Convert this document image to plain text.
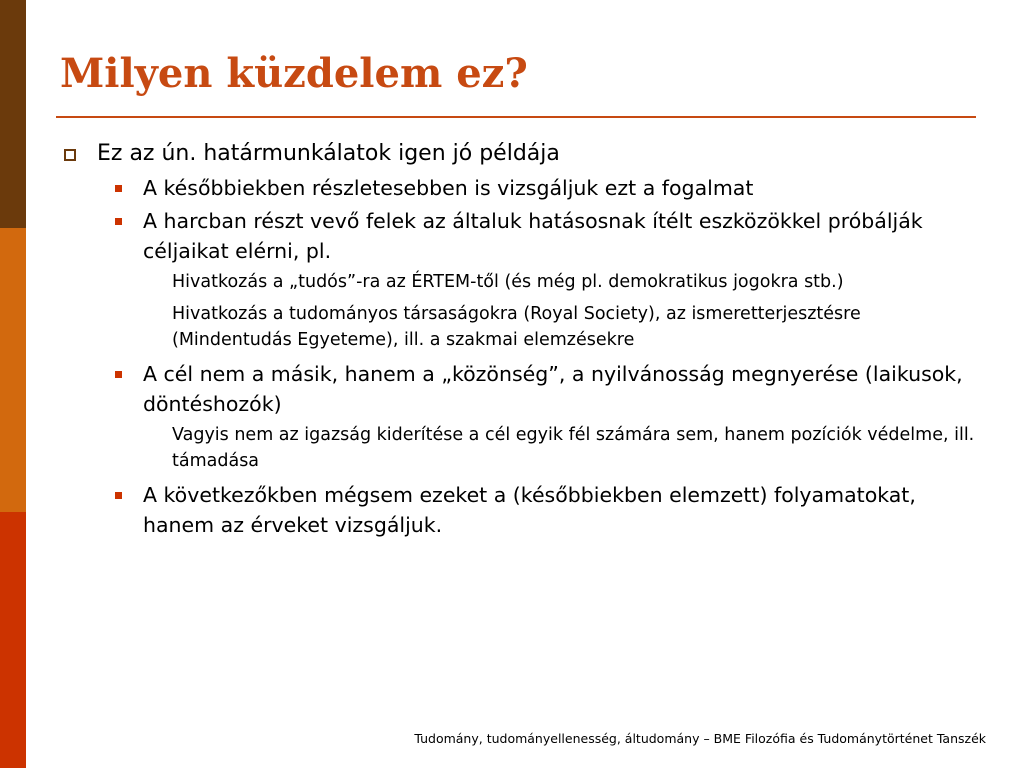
Milyen küzdelem ez?
Ez az ún. határmunkálatok igen jó példája
A későbbiekben részletesebben is vizsgáljuk ezt a fogalmat
A harcban részt vevő felek az általuk hatásosnak ítélt eszközökkel próbálják céljaikat elérni, pl.
Hivatkozás a „tudós”-ra az ÉRTEM-től (és még pl. demokratikus jogokra stb.)
Hivatkozás a tudományos társaságokra (Royal Society), az ismeretterjesztésre (Mindentudás Egyeteme), ill. a szakmai elemzésekre
A cél nem a másik, hanem a „közönség”, a nyilvánosság megnyerése (laikusok, döntéshozók)
Vagyis nem az igazság kiderítése a cél egyik fél számára sem, hanem pozíciók védelme, ill. támadása
A következőkben mégsem ezeket a (későbbiekben elemzett) folyamatokat, hanem az érveket vizsgáljuk.
Tudomány, tudományellenesség, áltudomány – BME Filozófia és Tudománytörténet Tanszék
